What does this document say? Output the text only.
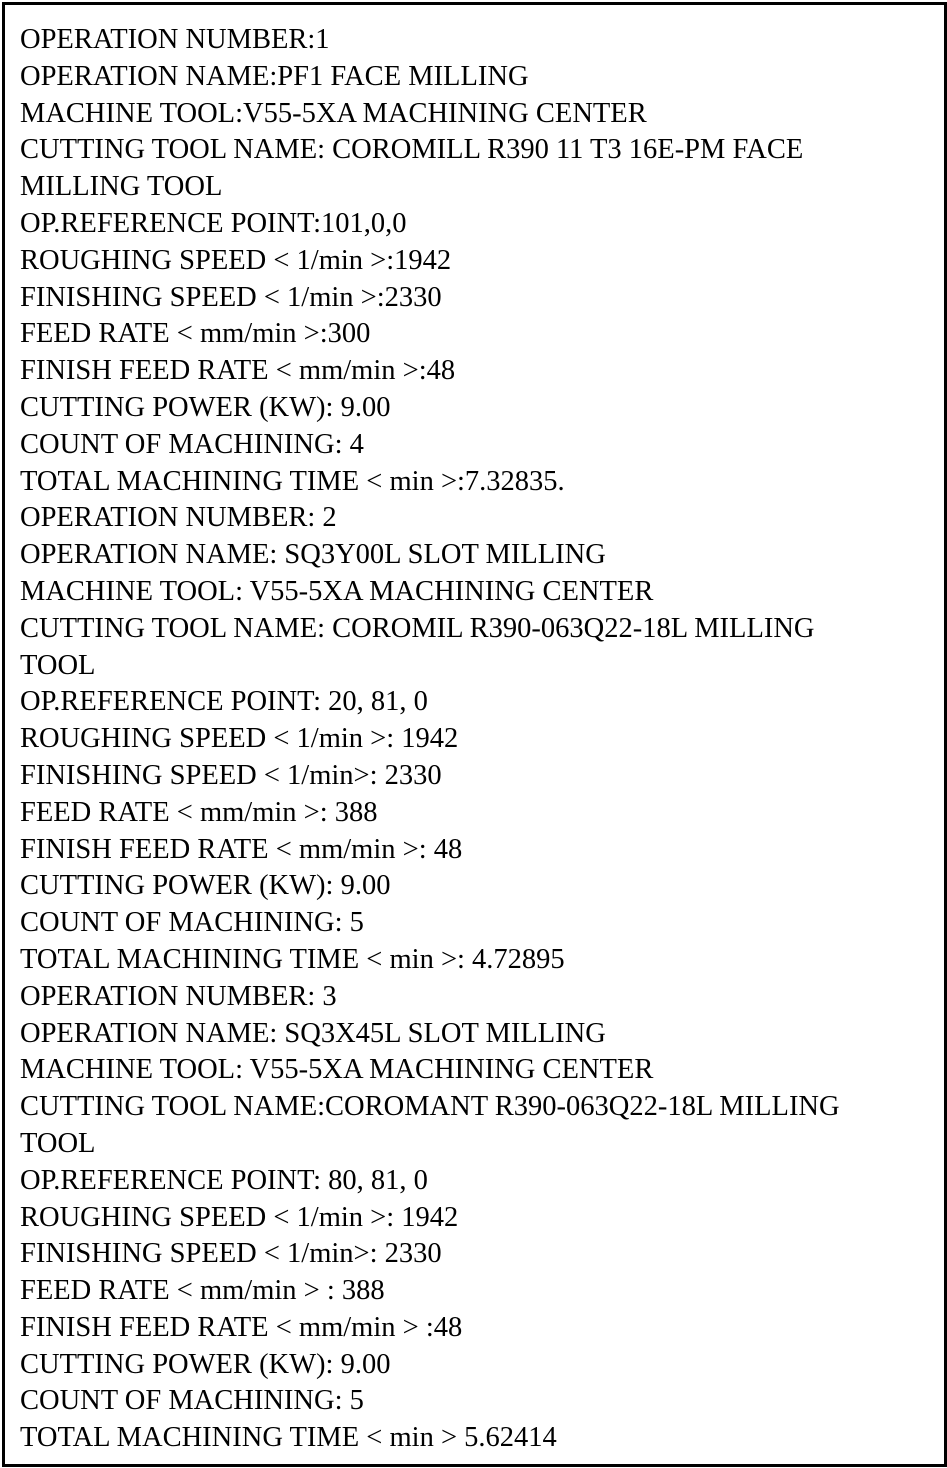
OPERATION NUMBER:1
OPERATION NAME:PF1 FACE MILLING
MACHINE TOOL:V55-5XA MACHINING CENTER
CUTTING TOOL NAME: COROMILL R390 11 T3 16E-PM FACE
MILLING TOOL
OP.REFERENCE POINT:101,0,0
ROUGHING SPEED < 1/min >:1942
FINISHING SPEED < 1/min >:2330
FEED RATE < mm/min >:300
FINISH FEED RATE < mm/min >:48
CUTTING POWER (KW): 9.00
COUNT OF MACHINING: 4
TOTAL MACHINING TIME < min >:7.32835.
OPERATION NUMBER: 2
OPERATION NAME: SQ3Y00L SLOT MILLING
MACHINE TOOL: V55-5XA MACHINING CENTER
CUTTING TOOL NAME: COROMIL R390-063Q22-18L MILLING
TOOL
OP.REFERENCE POINT: 20, 81, 0
ROUGHING SPEED < 1/min >: 1942
FINISHING SPEED < 1/min>: 2330
FEED RATE < mm/min >: 388
FINISH FEED RATE < mm/min >: 48
CUTTING POWER (KW): 9.00
COUNT OF MACHINING: 5
TOTAL MACHINING TIME < min >: 4.72895
OPERATION NUMBER: 3
OPERATION NAME: SQ3X45L SLOT MILLING
MACHINE TOOL: V55-5XA MACHINING CENTER
CUTTING TOOL NAME:COROMANT R390-063Q22-18L MILLING
TOOL
OP.REFERENCE POINT: 80, 81, 0
ROUGHING SPEED < 1/min >: 1942
FINISHING SPEED < 1/min>: 2330
FEED RATE < mm/min > : 388
FINISH FEED RATE < mm/min > :48
CUTTING POWER (KW): 9.00
COUNT OF MACHINING: 5
TOTAL MACHINING TIME < min > 5.62414
